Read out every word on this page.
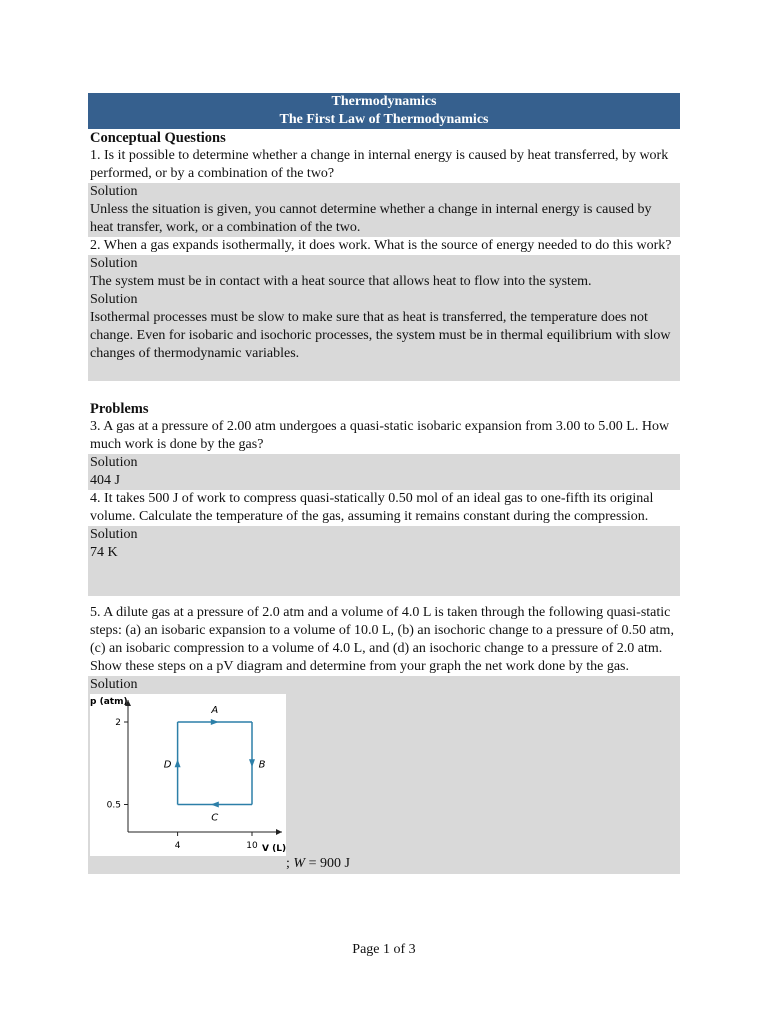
Thermodynamics
The First Law of Thermodynamics
Conceptual Questions
1. Is it possible to determine whether a change in internal energy is caused by heat transferred, by work performed, or by a combination of the two?
Solution
Unless the situation is given, you cannot determine whether a change in internal energy is caused by heat transfer, work, or a combination of the two.
2. When a gas expands isothermally, it does work. What is the source of energy needed to do this work?
Solution
The system must be in contact with a heat source that allows heat to flow into the system.
Solution
Isothermal processes must be slow to make sure that as heat is transferred, the temperature does not change. Even for isobaric and isochoric processes, the system must be in thermal equilibrium with slow changes of thermodynamic variables.
Problems
3. A gas at a pressure of 2.00 atm undergoes a quasi-static isobaric expansion from 3.00 to 5.00 L. How much work is done by the gas?
Solution
404 J
4. It takes 500 J of work to compress quasi-statically 0.50 mol of an ideal gas to one-fifth its original volume. Calculate the temperature of the gas, assuming it remains constant during the compression.
Solution
74 K
5. A dilute gas at a pressure of 2.0 atm and a volume of 4.0 L is taken through the following quasi-static steps: (a) an isobaric expansion to a volume of 10.0 L, (b) an isochoric change to a pressure of 0.50 atm, (c) an isobaric compression to a volume of 4.0 L, and (d) an isochoric change to a pressure of 2.0 atm. Show these steps on a pV diagram and determine from your graph the net work done by the gas.
Solution
p (atm)
V (L)
4	10
0.5
2
A
B
C
D
; W = 900 J
Page 1 of 3
